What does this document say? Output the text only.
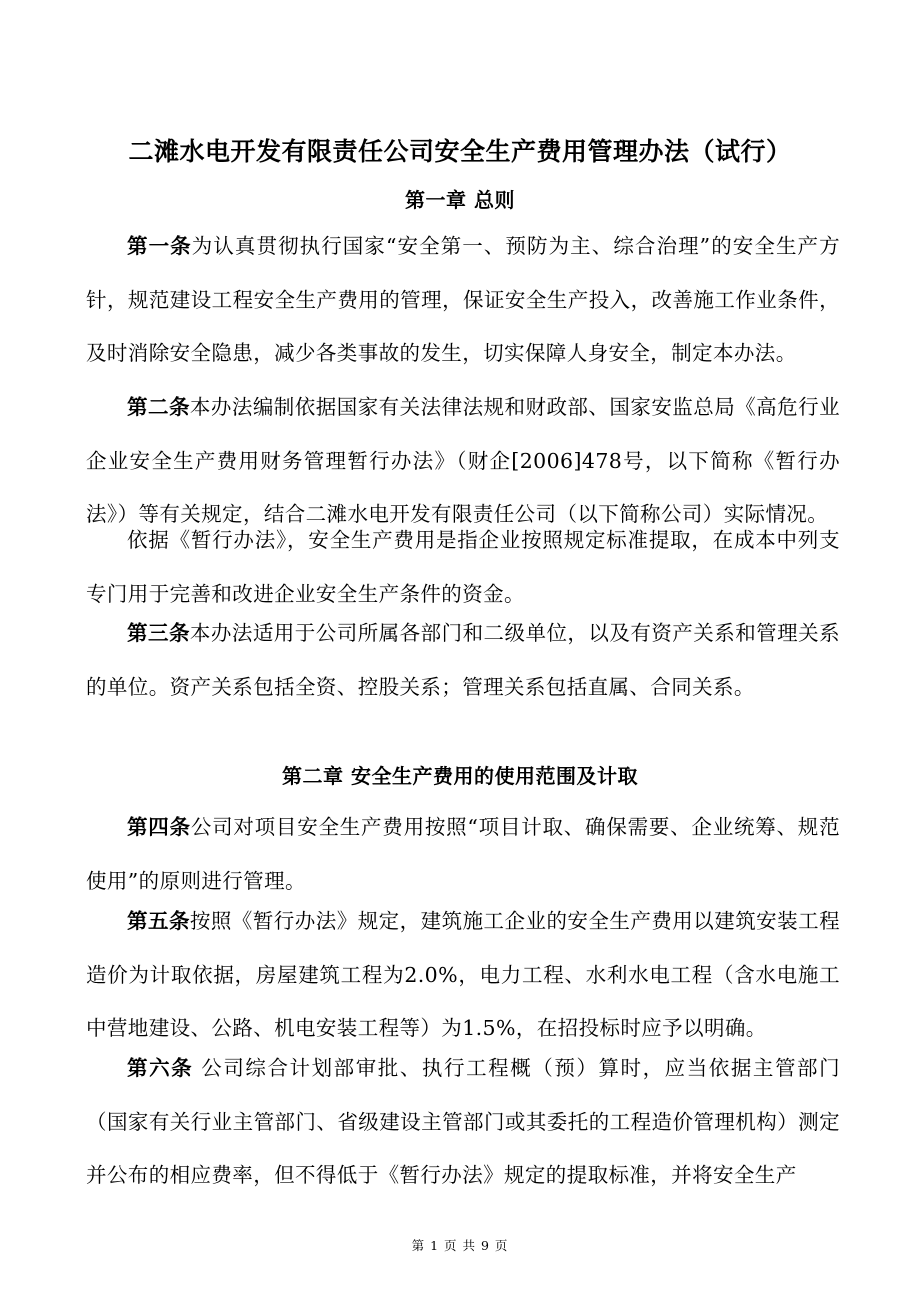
二滩水电开发有限责任公司安全生产费用管理办法（试行）
第一章 总则
第一条为认真贯彻执行国家“安全第一、预防为主、综合治理”的安全生产方针，规范建设工程安全生产费用的管理，保证安全生产投入，改善施工作业条件，及时消除安全隐患，减少各类事故的发生，切实保障人身安全，制定本办法。
第二条本办法编制依据国家有关法律法规和财政部、国家安监总局《高危行业企业安全生产费用财务管理暂行办法》（财企[2006]478号，以下简称《暂行办法》）等有关规定，结合二滩水电开发有限责任公司（以下简称公司）实际情况。
依据《暂行办法》，安全生产费用是指企业按照规定标准提取，在成本中列支专门用于完善和改进企业安全生产条件的资金。
第三条本办法适用于公司所属各部门和二级单位，以及有资产关系和管理关系的单位。资产关系包括全资、控股关系；管理关系包括直属、合同关系。
第二章 安全生产费用的使用范围及计取
第四条公司对项目安全生产费用按照“项目计取、确保需要、企业统筹、规范使用”的原则进行管理。
第五条按照《暂行办法》规定，建筑施工企业的安全生产费用以建筑安装工程造价为计取依据，房屋建筑工程为2.0%，电力工程、水利水电工程（含水电施工中营地建设、公路、机电安装工程等）为1.5%，在招投标时应予以明确。
第六条 公司综合计划部审批、执行工程概（预）算时，应当依据主管部门（国家有关行业主管部门、省级建设主管部门或其委托的工程造价管理机构）测定并公布的相应费率，但不得低于《暂行办法》规定的提取标准，并将安全生产
第 1 页 共 9 页
